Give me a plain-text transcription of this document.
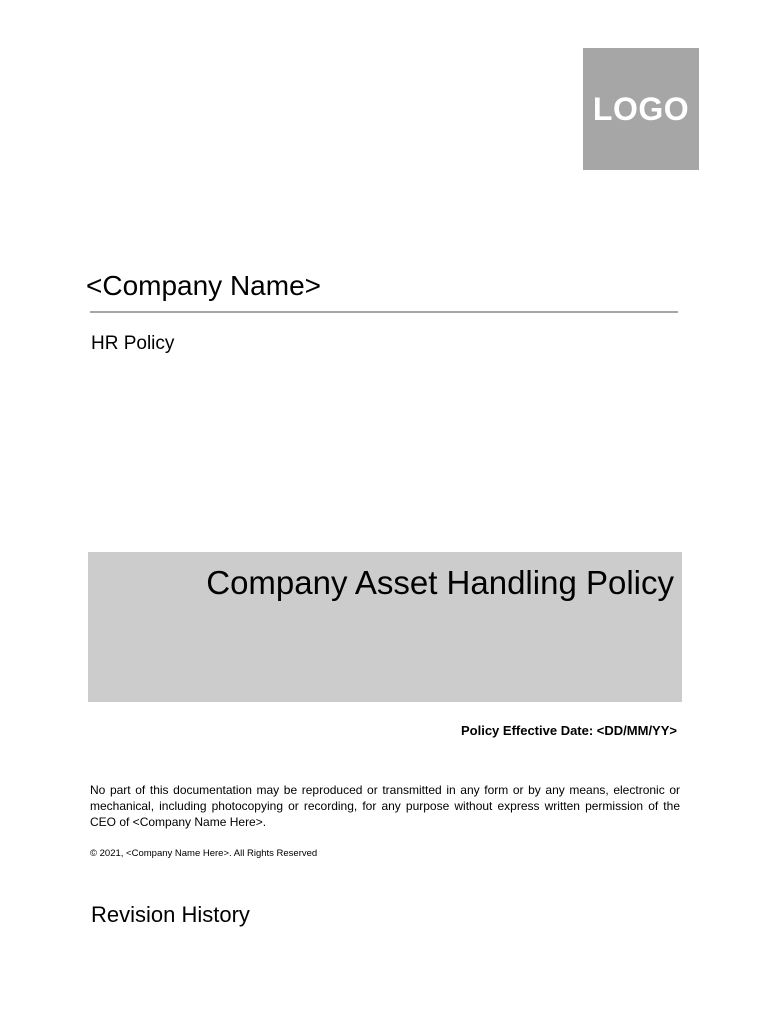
LOGO
<Company Name>
HR Policy
Company Asset Handling Policy
Policy Effective Date: <DD/MM/YY>
No part of this documentation may be reproduced or transmitted in any form or by any means, electronic or mechanical, including photocopying or recording, for any purpose without express written permission of the CEO of <Company Name Here>.
© 2021, <Company Name Here>. All Rights Reserved
Revision History
